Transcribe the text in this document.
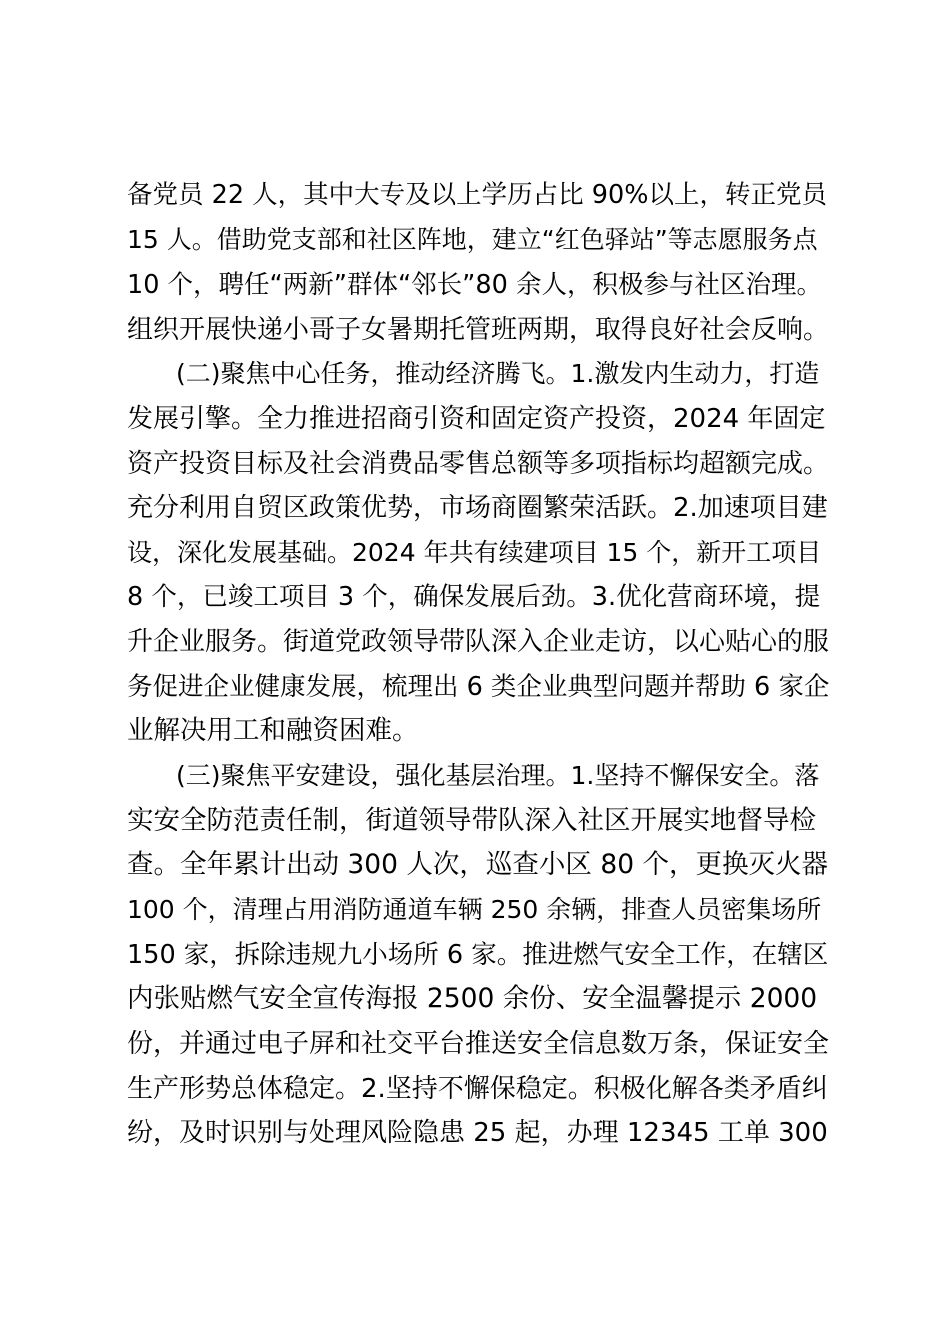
备党员 22 人，其中大专及以上学历占比 90%以上，转正党员
15 人。借助党支部和社区阵地，建立“红色驿站”等志愿服务点
10 个，聘任“两新”群体“邻长”80 余人，积极参与社区治理。
组织开展快递小哥子女暑期托管班两期，取得良好社会反响。
(二)聚焦中心任务，推动经济腾飞。1.激发内生动力，打造
发展引擎。全力推进招商引资和固定资产投资，2024 年固定
资产投资目标及社会消费品零售总额等多项指标均超额完成。
充分利用自贸区政策优势，市场商圈繁荣活跃。2.加速项目建
设，深化发展基础。2024 年共有续建项目 15 个，新开工项目
8 个，已竣工项目 3 个，确保发展后劲。3.优化营商环境，提
升企业服务。街道党政领导带队深入企业走访，以心贴心的服
务促进企业健康发展，梳理出 6 类企业典型问题并帮助 6 家企
业解决用工和融资困难。
(三)聚焦平安建设，强化基层治理。1.坚持不懈保安全。落
实安全防范责任制，街道领导带队深入社区开展实地督导检
查。全年累计出动 300 人次，巡查小区 80 个，更换灭火器
100 个，清理占用消防通道车辆 250 余辆，排查人员密集场所
150 家，拆除违规九小场所 6 家。推进燃气安全工作，在辖区
内张贴燃气安全宣传海报 2500 余份、安全温馨提示 2000
份，并通过电子屏和社交平台推送安全信息数万条，保证安全
生产形势总体稳定。2.坚持不懈保稳定。积极化解各类矛盾纠
纷，及时识别与处理风险隐患 25 起，办理 12345 工单 300
